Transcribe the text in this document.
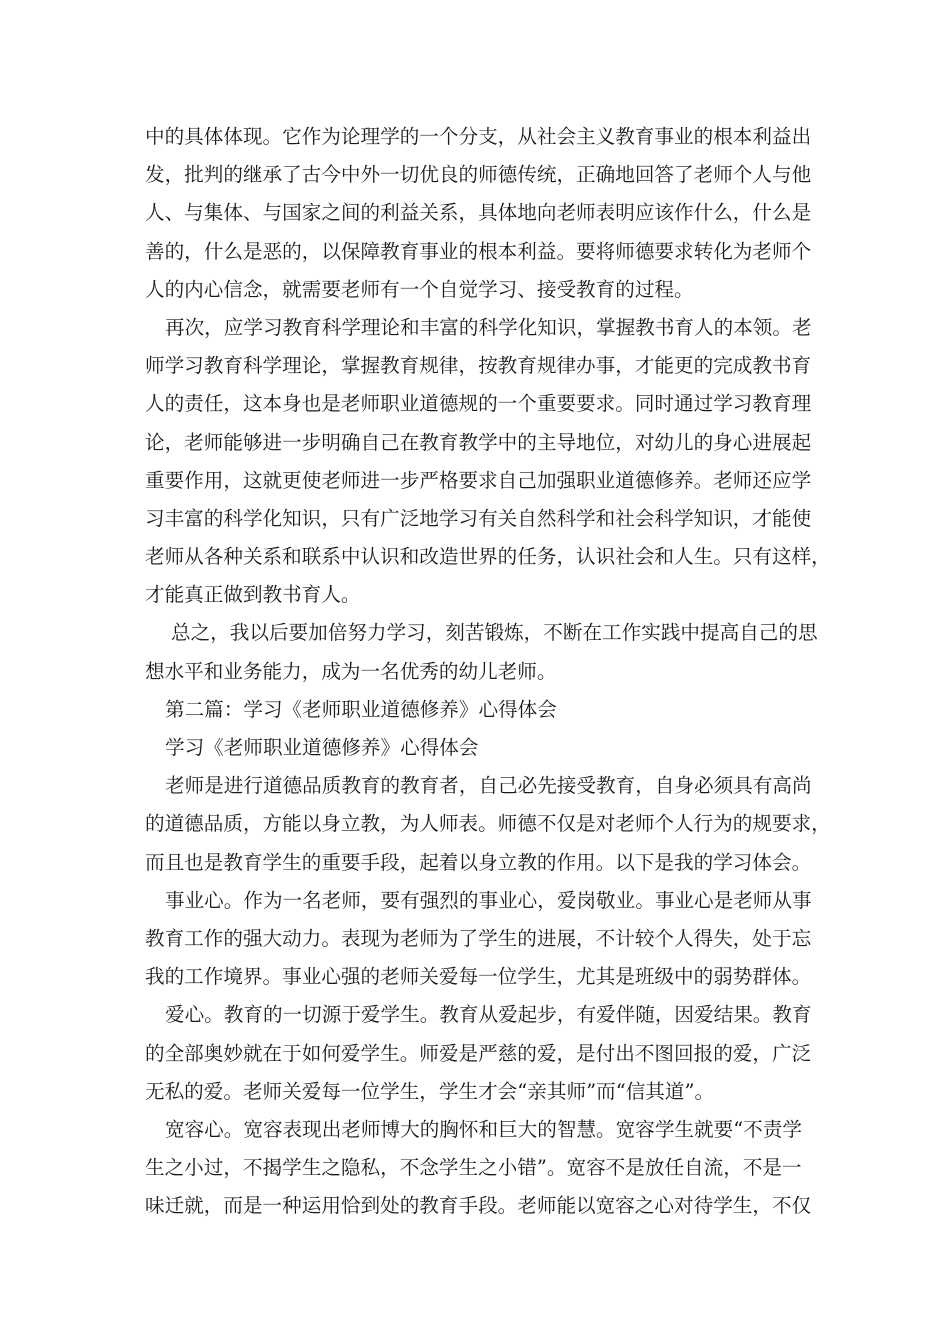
中的具体体现。它作为论理学的一个分支，从社会主义教育事业的根本利益出
发，批判的继承了古今中外一切优良的师德传统，正确地回答了老师个人与他
人、与集体、与国家之间的利益关系，具体地向老师表明应该作什么，什么是
善的，什么是恶的，以保障教育事业的根本利益。要将师德要求转化为老师个
人的内心信念，就需要老师有一个自觉学习、接受教育的过程。
再次，应学习教育科学理论和丰富的科学化知识，掌握教书育人的本领。老
师学习教育科学理论，掌握教育规律，按教育规律办事，才能更的完成教书育
人的责任，这本身也是老师职业道德规的一个重要要求。同时通过学习教育理
论，老师能够进一步明确自己在教育教学中的主导地位，对幼儿的身心进展起
重要作用，这就更使老师进一步严格要求自己加强职业道德修养。老师还应学
习丰富的科学化知识，只有广泛地学习有关自然科学和社会科学知识，才能使
老师从各种关系和联系中认识和改造世界的任务，认识社会和人生。只有这样，
才能真正做到教书育人。
总之，我以后要加倍努力学习，刻苦锻炼，不断在工作实践中提高自己的思
想水平和业务能力，成为一名优秀的幼儿老师。
第二篇：学习《老师职业道德修养》心得体会
学习《老师职业道德修养》心得体会
老师是进行道德品质教育的教育者，自己必先接受教育，自身必须具有高尚
的道德品质，方能以身立教，为人师表。师德不仅是对老师个人行为的规要求，
而且也是教育学生的重要手段，起着以身立教的作用。以下是我的学习体会。
事业心。作为一名老师，要有强烈的事业心，爱岗敬业。事业心是老师从事
教育工作的强大动力。表现为老师为了学生的进展，不计较个人得失，处于忘
我的工作境界。事业心强的老师关爱每一位学生，尤其是班级中的弱势群体。
爱心。教育的一切源于爱学生。教育从爱起步，有爱伴随，因爱结果。教育
的全部奥妙就在于如何爱学生。师爱是严慈的爱，是付出不图回报的爱，广泛
无私的爱。老师关爱每一位学生，学生才会“亲其师”而“信其道”。
宽容心。宽容表现出老师博大的胸怀和巨大的智慧。宽容学生就要“不责学
生之小过，不揭学生之隐私，不念学生之小错”。宽容不是放任自流，不是一
味迁就，而是一种运用恰到处的教育手段。老师能以宽容之心对待学生，不仅
